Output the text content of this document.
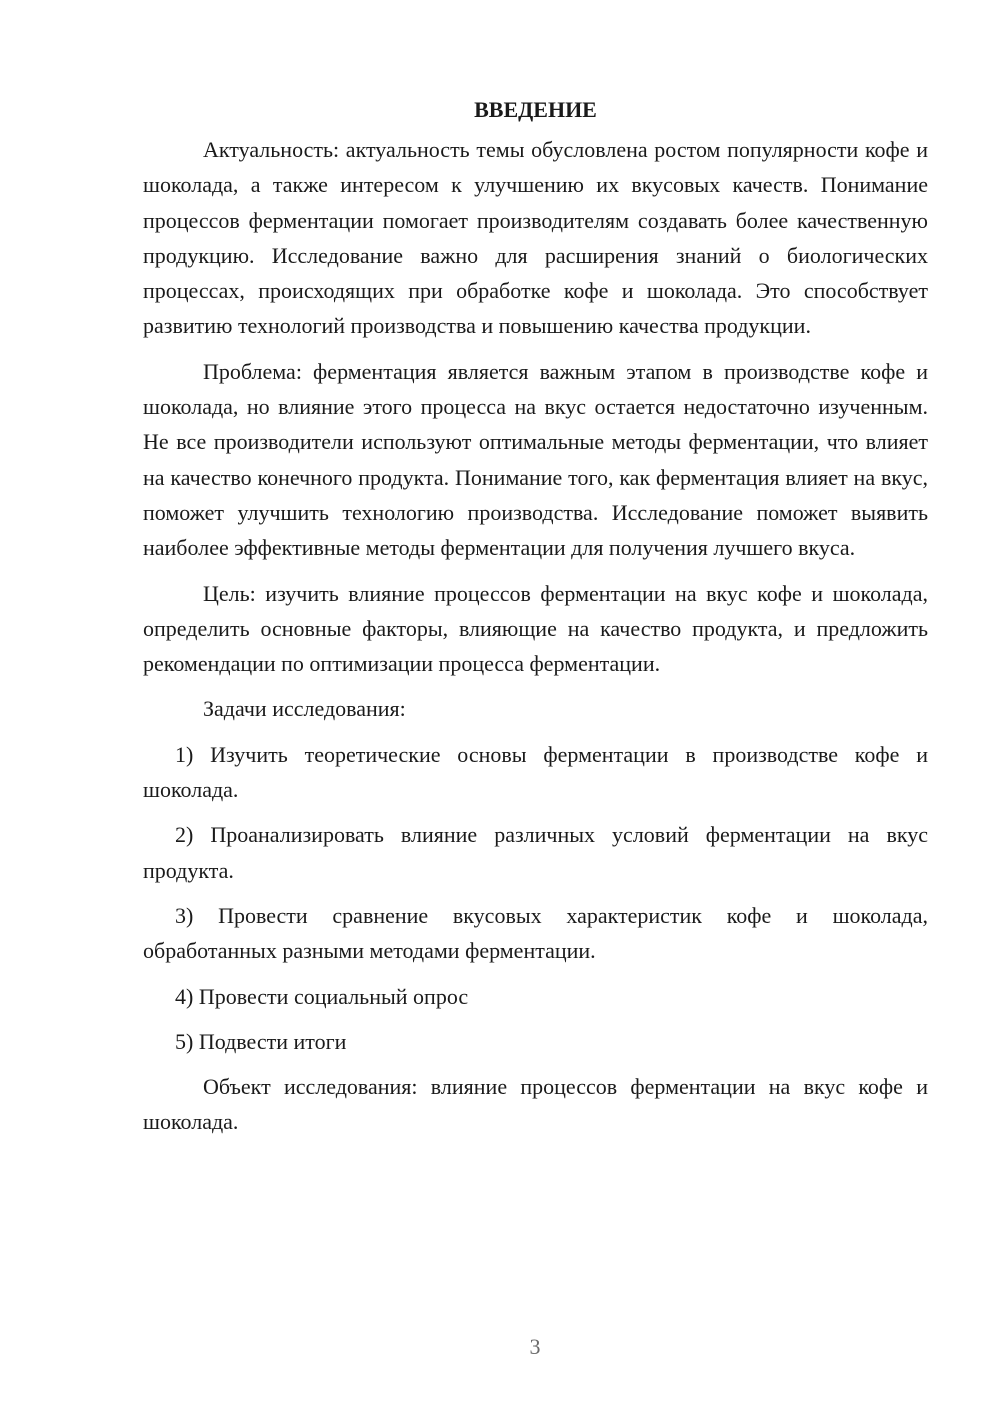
ВВЕДЕНИЕ

Актуальность: актуальность темы обусловлена ростом популярности кофе и шоколада, а также интересом к улучшению их вкусовых качеств. Понимание процессов ферментации помогает производителям создавать более качественную продукцию. Исследование важно для расширения знаний о биологических процессах, происходящих при обработке кофе и шоколада. Это способствует развитию технологий производства и повышению качества продукции.

Проблема: ферментация является важным этапом в производстве кофе и шоколада, но влияние этого процесса на вкус остается недостаточно изученным. Не все производители используют оптимальные методы ферментации, что влияет на качество конечного продукта. Понимание того, как ферментация влияет на вкус, поможет улучшить технологию производства. Исследование поможет выявить наиболее эффективные методы ферментации для получения лучшего вкуса.

Цель: изучить влияние процессов ферментации на вкус кофе и шоколада, определить основные факторы, влияющие на качество продукта, и предложить рекомендации по оптимизации процесса ферментации.

Задачи исследования:

1) Изучить теоретические основы ферментации в производстве кофе и шоколада.

2) Проанализировать влияние различных условий ферментации на вкус продукта.

3) Провести сравнение вкусовых характеристик кофе и шоколада, обработанных разными методами ферментации.

4) Провести социальный опрос

5) Подвести итоги

Объект исследования: влияние процессов ферментации на вкус кофе и шоколада.

3
